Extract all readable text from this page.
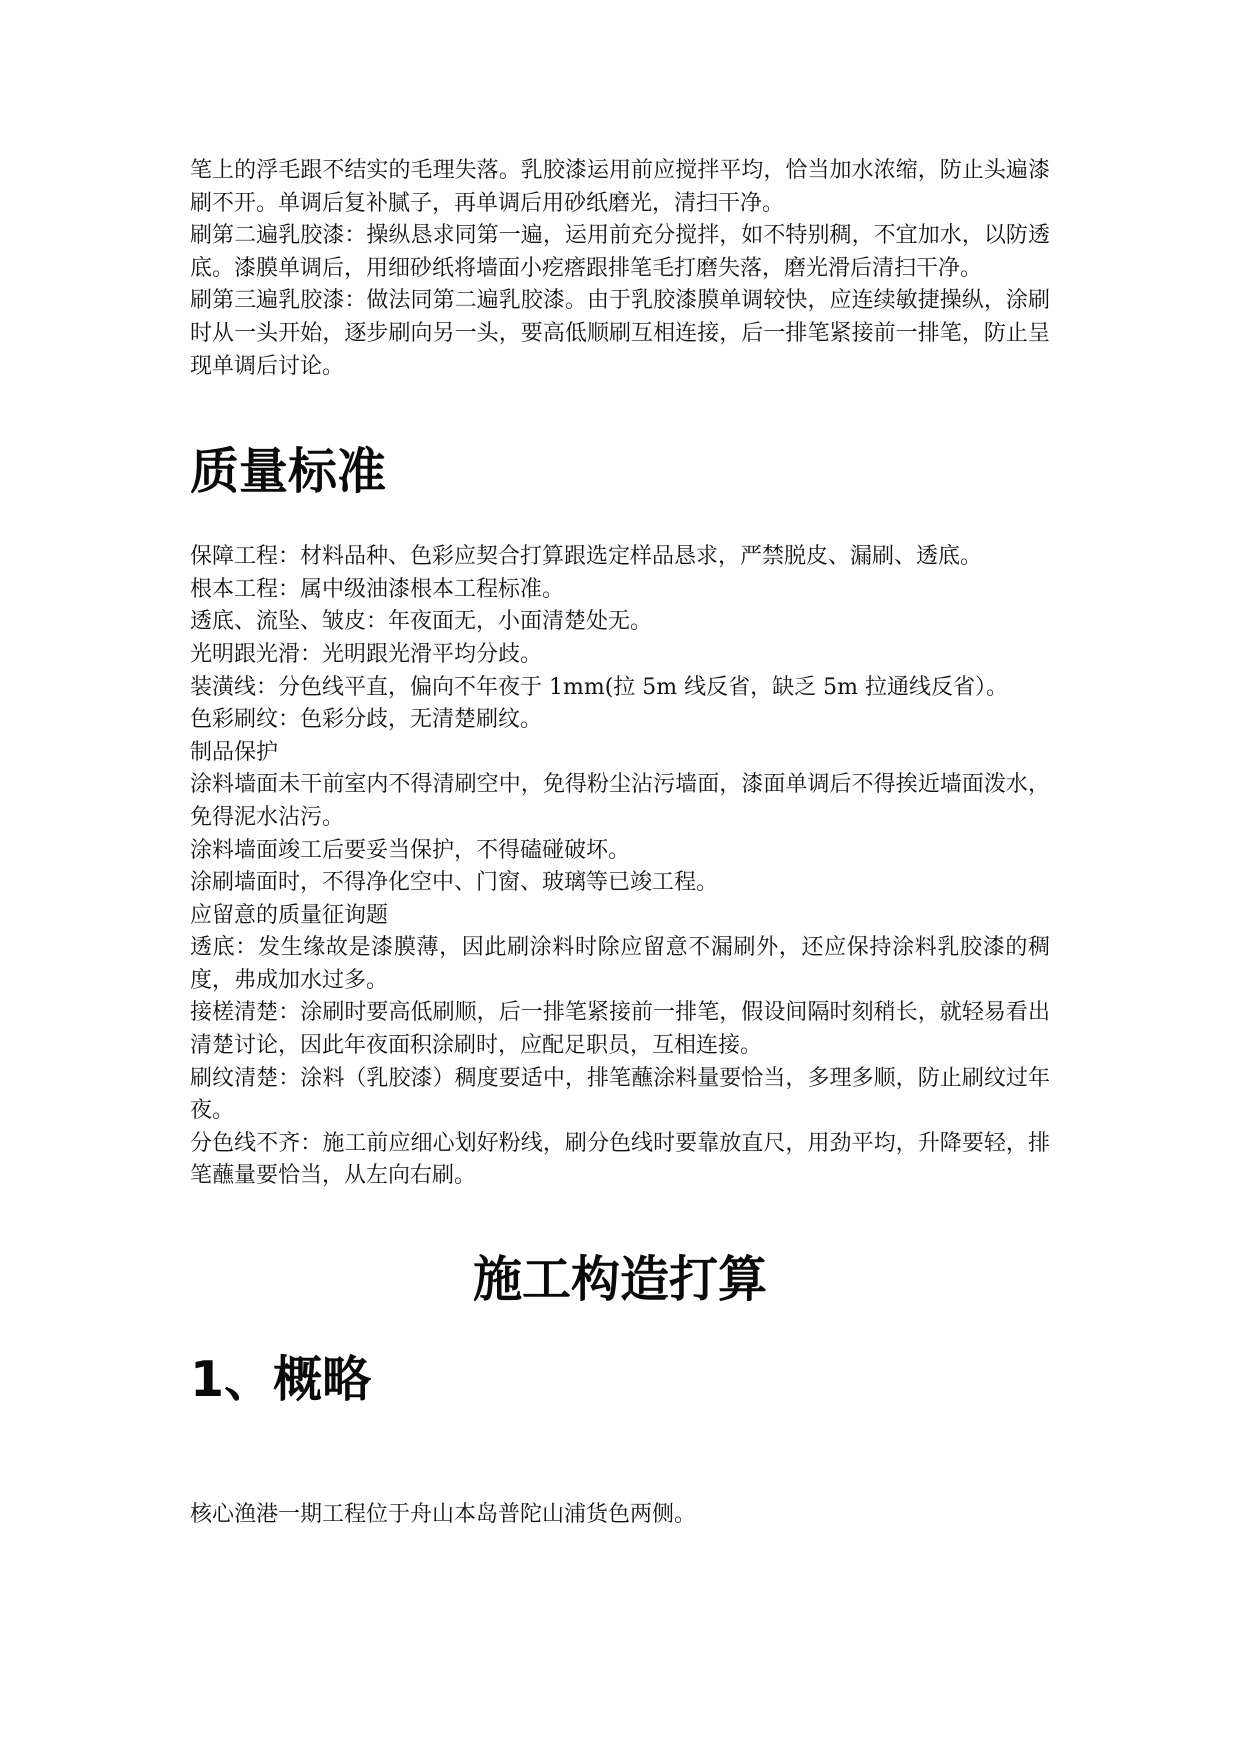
笔上的浮毛跟不结实的毛理失落。乳胶漆运用前应搅拌平均，恰当加水浓缩，防止头遍漆刷不开。单调后复补腻子，再单调后用砂纸磨光，清扫干净。

刷第二遍乳胶漆：操纵恳求同第一遍，运用前充分搅拌，如不特别稠，不宜加水，以防透底。漆膜单调后，用细砂纸将墙面小疙瘩跟排笔毛打磨失落，磨光滑后清扫干净。

刷第三遍乳胶漆：做法同第二遍乳胶漆。由于乳胶漆膜单调较快，应连续敏捷操纵，涂刷时从一头开始，逐步刷向另一头，要高低顺刷互相连接，后一排笔紧接前一排笔，防止呈现单调后讨论。

质量标准

保障工程：材料品种、色彩应契合打算跟选定样品恳求，严禁脱皮、漏刷、透底。

根本工程：属中级油漆根本工程标准。

透底、流坠、皱皮：年夜面无，小面清楚处无。

光明跟光滑：光明跟光滑平均分歧。

装潢线：分色线平直，偏向不年夜于 1mm(拉 5m 线反省，缺乏 5m 拉通线反省）。

色彩刷纹：色彩分歧，无清楚刷纹。

制品保护

涂料墙面未干前室内不得清刷空中，免得粉尘沾污墙面，漆面单调后不得挨近墙面泼水，免得泥水沾污。

涂料墙面竣工后要妥当保护，不得磕碰破坏。

涂刷墙面时，不得净化空中、门窗、玻璃等已竣工程。

应留意的质量征询题

透底：发生缘故是漆膜薄，因此刷涂料时除应留意不漏刷外，还应保持涂料乳胶漆的稠度，弗成加水过多。

接槎清楚：涂刷时要高低刷顺，后一排笔紧接前一排笔，假设间隔时刻稍长，就轻易看出清楚讨论，因此年夜面积涂刷时，应配足职员，互相连接。

刷纹清楚：涂料（乳胶漆）稠度要适中，排笔蘸涂料量要恰当，多理多顺，防止刷纹过年夜。

分色线不齐：施工前应细心划好粉线，刷分色线时要靠放直尺，用劲平均，升降要轻，排笔蘸量要恰当，从左向右刷。

施工构造打算
1、概略

核心渔港一期工程位于舟山本岛普陀山浦货色两侧。
